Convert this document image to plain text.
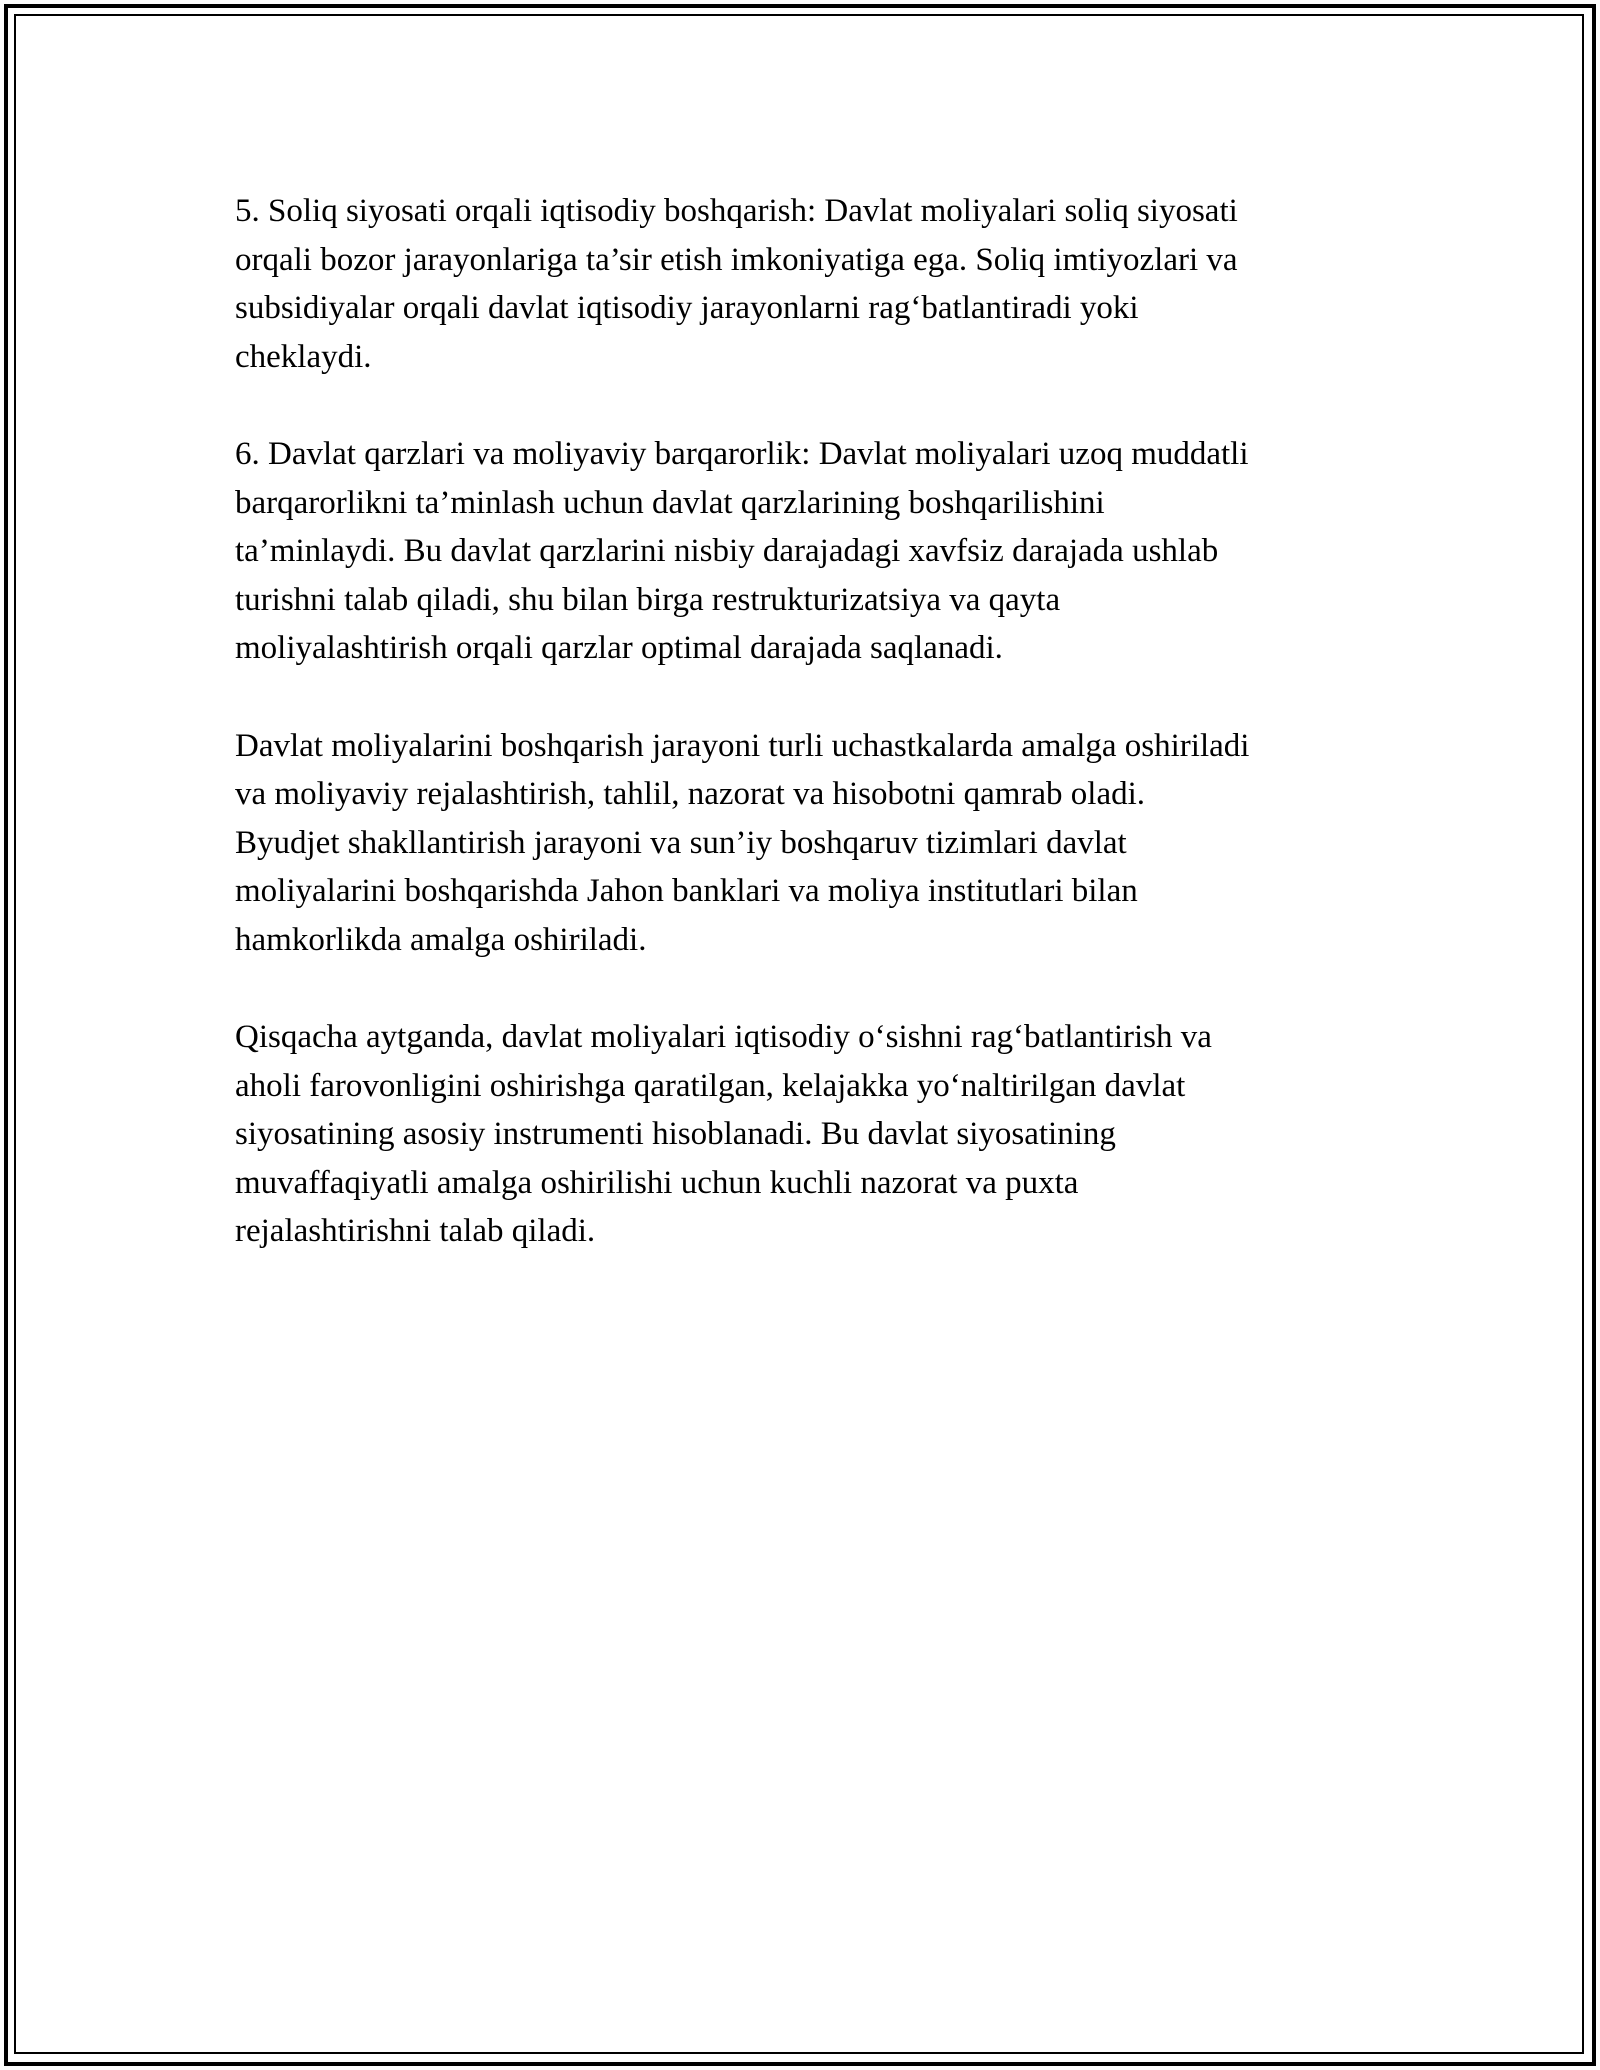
5. Soliq siyosati orqali iqtisodiy boshqarish: Davlat moliyalari soliq siyosati
orqali bozor jarayonlariga ta’sir etish imkoniyatiga ega. Soliq imtiyozlari va
subsidiyalar orqali davlat iqtisodiy jarayonlarni rag‘batlantiradi yoki
cheklaydi.

6. Davlat qarzlari va moliyaviy barqarorlik: Davlat moliyalari uzoq muddatli
barqarorlikni ta’minlash uchun davlat qarzlarining boshqarilishini
ta’minlaydi. Bu davlat qarzlarini nisbiy darajadagi xavfsiz darajada ushlab
turishni talab qiladi, shu bilan birga restrukturizatsiya va qayta
moliyalashtirish orqali qarzlar optimal darajada saqlanadi.

Davlat moliyalarini boshqarish jarayoni turli uchastkalarda amalga oshiriladi
va moliyaviy rejalashtirish, tahlil, nazorat va hisobotni qamrab oladi.
Byudjet shakllantirish jarayoni va sun’iy boshqaruv tizimlari davlat
moliyalarini boshqarishda Jahon banklari va moliya institutlari bilan
hamkorlikda amalga oshiriladi.

Qisqacha aytganda, davlat moliyalari iqtisodiy o‘sishni rag‘batlantirish va
aholi farovonligini oshirishga qaratilgan, kelajakka yo‘naltirilgan davlat
siyosatining asosiy instrumenti hisoblanadi. Bu davlat siyosatining
muvaffaqiyatli amalga oshirilishi uchun kuchli nazorat va puxta
rejalashtirishni talab qiladi.
